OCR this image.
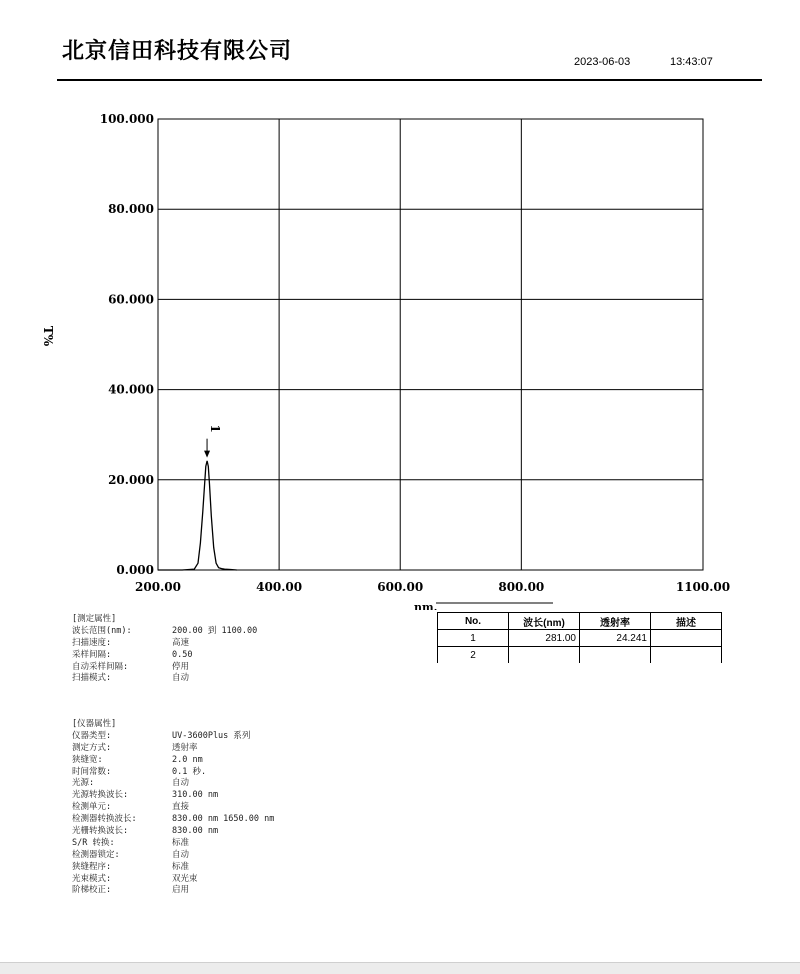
北京信田科技有限公司	2023-06-03	13:43:07
0.000
20.000
40.000
60.000
80.000
100.000
200.00	400.00	600.00	800.00	1100.00
T%
nm.
1
No.	波长(nm)	透射率	描述
1	281.00	24.241	
2			
[测定属性]
波长范围(nm):	200.00 到 1100.00
扫描速度:	高速
采样间隔:	0.50
自动采样间隔:	停用
扫描模式:	自动
[仪器属性]
仪器类型:	UV-3600Plus 系列
测定方式:	透射率
狭缝宽:	2.0 nm
时间常数:	0.1 秒.
光源:	自动
光源转换波长:	310.00 nm
检测单元:	直接
检测器转换波长:	830.00 nm 1650.00 nm
光栅转换波长:	830.00 nm
S/R 转换:	标准
检测器锁定:	自动
狭缝程序:	标准
光束模式:	双光束
阶梯校正:	启用
